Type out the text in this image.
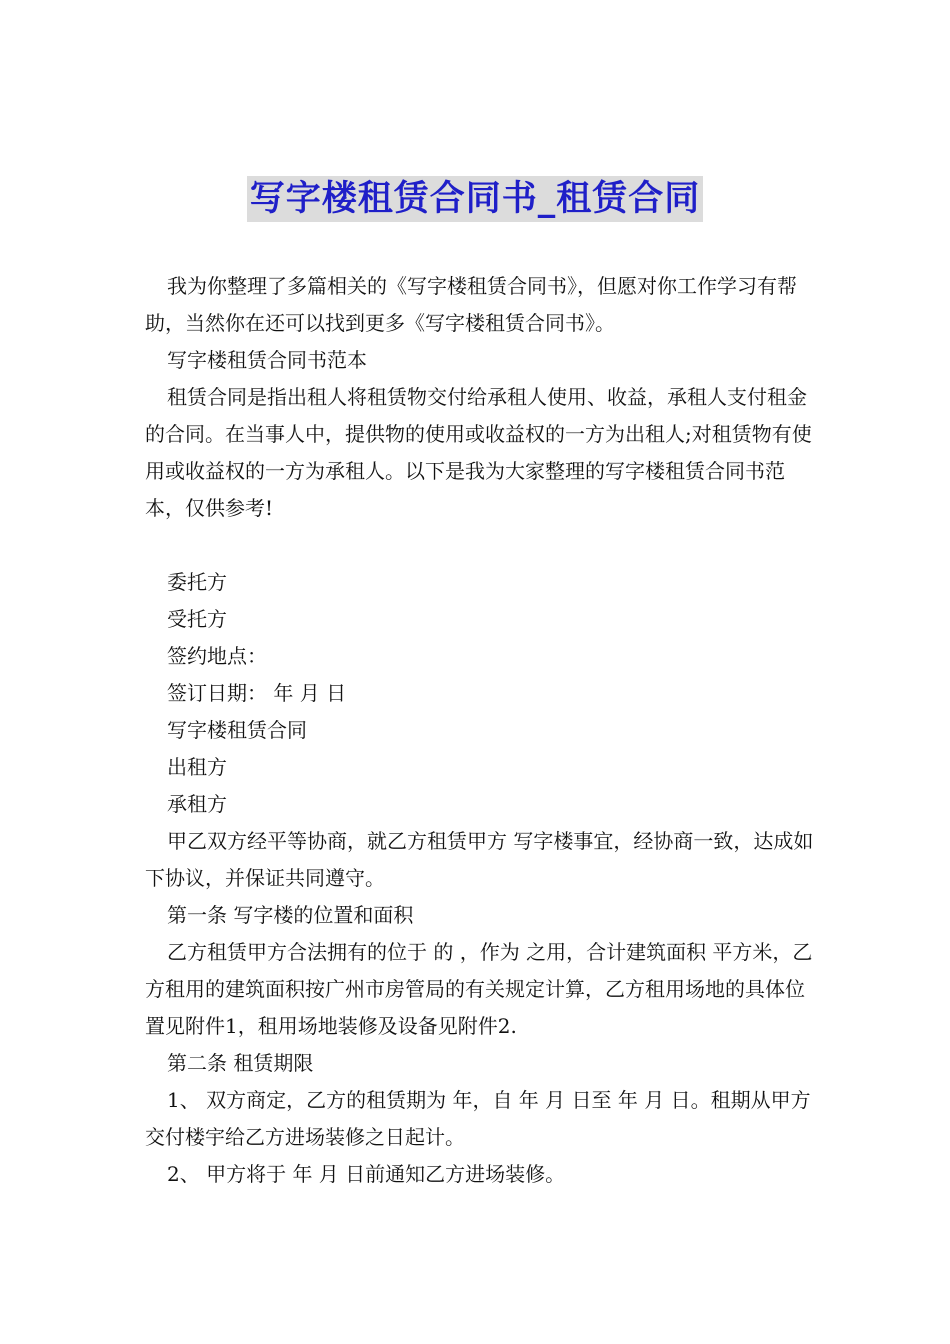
写字楼租赁合同书_租赁合同

我为你整理了多篇相关的《写字楼租赁合同书》，但愿对你工作学习有帮助，当然你在还可以找到更多《写字楼租赁合同书》。

写字楼租赁合同书范本

租赁合同是指出租人将租赁物交付给承租人使用、收益，承租人支付租金的合同。在当事人中，提供物的使用或收益权的一方为出租人;对租赁物有使用或收益权的一方为承租人。以下是我为大家整理的写字楼租赁合同书范本，仅供参考!

委托方

受托方

签约地点：

签订日期： 年 月 日

写字楼租赁合同

出租方

承租方

甲乙双方经平等协商，就乙方租赁甲方 写字楼事宜，经协商一致，达成如下协议，并保证共同遵守。

第一条 写字楼的位置和面积

乙方租赁甲方合法拥有的位于 的 ，作为 之用，合计建筑面积 平方米，乙方租用的建筑面积按广州市房管局的有关规定计算，乙方租用场地的具体位置见附件1，租用场地装修及设备见附件2.

第二条 租赁期限

1、 双方商定，乙方的租赁期为 年，自 年 月 日至 年 月 日。租期从甲方交付楼宇给乙方进场装修之日起计。

2、 甲方将于 年 月 日前通知乙方进场装修。
